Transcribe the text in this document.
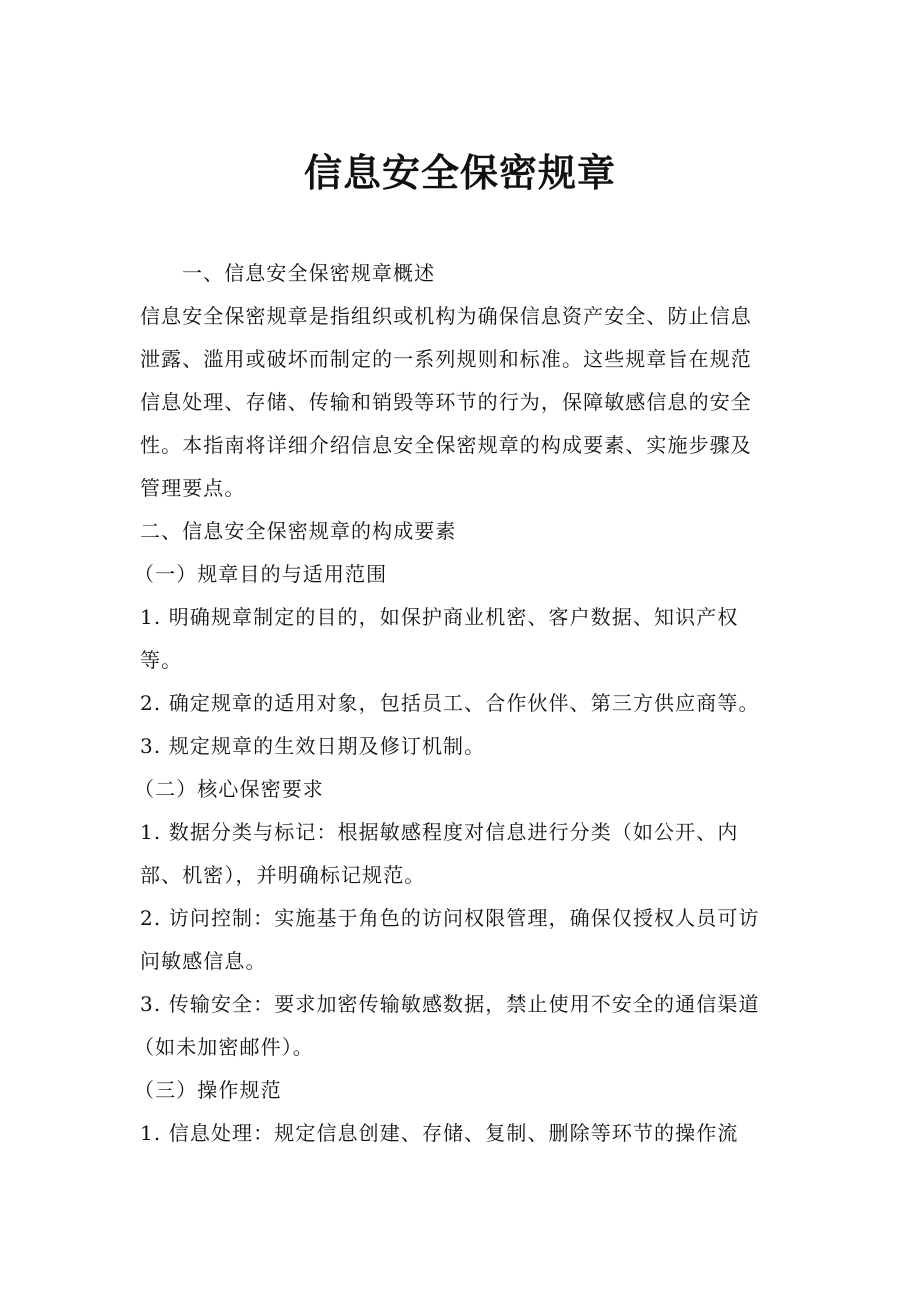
信息安全保密规章
一、信息安全保密规章概述
信息安全保密规章是指组织或机构为确保信息资产安全、防止信息
泄露、滥用或破坏而制定的一系列规则和标准。这些规章旨在规范
信息处理、存储、传输和销毁等环节的行为，保障敏感信息的安全
性。本指南将详细介绍信息安全保密规章的构成要素、实施步骤及
管理要点。
二、信息安全保密规章的构成要素
（一）规章目的与适用范围
1. 明确规章制定的目的，如保护商业机密、客户数据、知识产权
等。
2. 确定规章的适用对象，包括员工、合作伙伴、第三方供应商等。
3. 规定规章的生效日期及修订机制。
（二）核心保密要求
1. 数据分类与标记：根据敏感程度对信息进行分类（如公开、内
部、机密），并明确标记规范。
2. 访问控制：实施基于角色的访问权限管理，确保仅授权人员可访
问敏感信息。
3. 传输安全：要求加密传输敏感数据，禁止使用不安全的通信渠道
（如未加密邮件）。
（三）操作规范
1. 信息处理：规定信息创建、存储、复制、删除等环节的操作流
